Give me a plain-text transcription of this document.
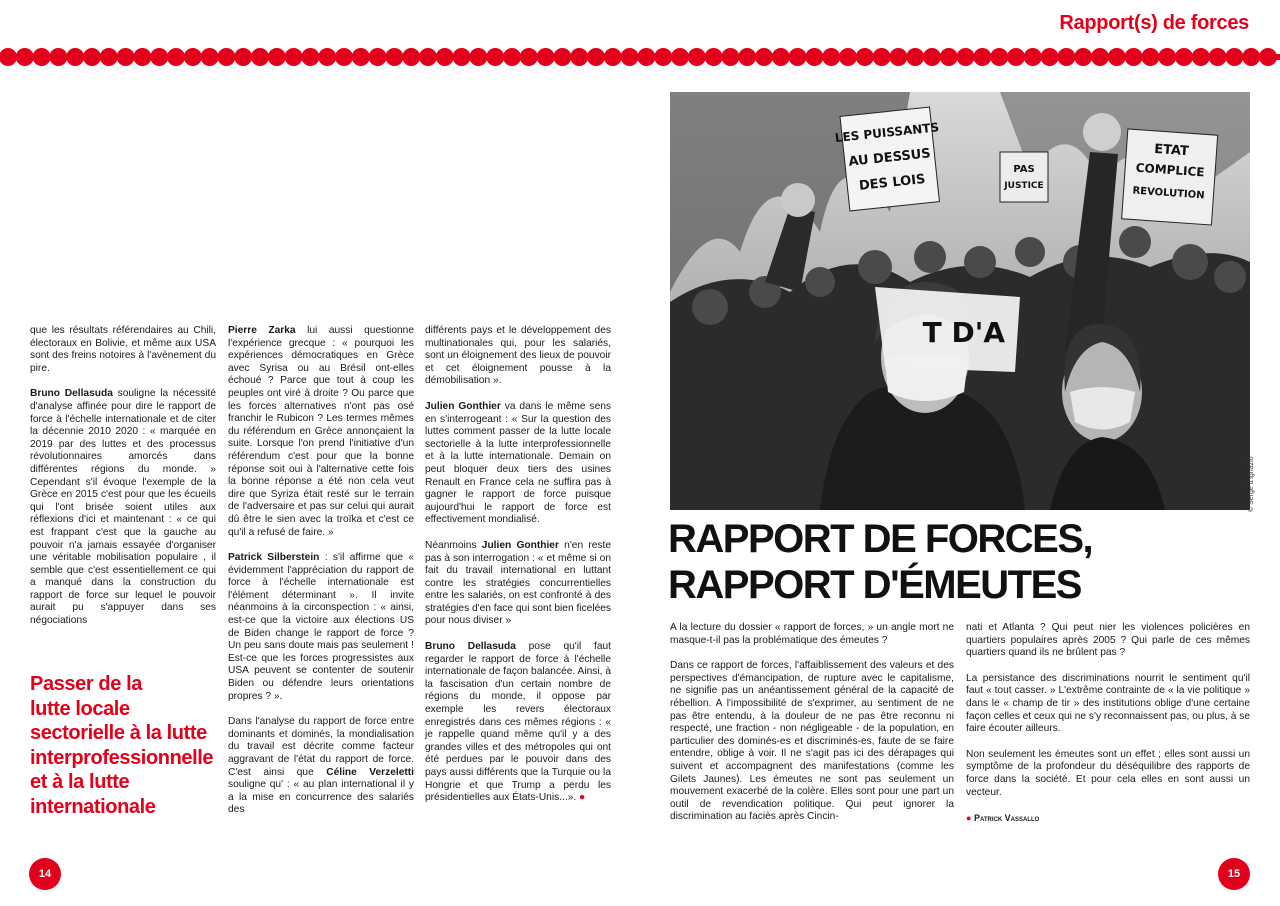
Rapport(s) de forces

que les résultats référendaires au Chili, électoraux en Bolivie, et même aux USA sont des freins notoires à l'avènement du pire.

Bruno Dellasuda souligne la nécessité d'analyse affinée pour dire le rapport de force à l'échelle internationale et de citer la décennie 2010 2020 : « marquée en 2019 par des luttes et des processus révolutionnaires amorcés dans différentes régions du monde. » Cependant s'il évoque l'exemple de la Grèce en 2015 c'est pour que les écueils qui l'ont brisée soient utiles aux réflexions d'ici et maintenant : « ce qui est frappant c'est que la gauche au pouvoir n'a jamais essayée d'organiser une véritable mobilisation populaire , il semble que c'est essentiellement ce qui a manqué dans la construction du rapport de force sur lequel le pouvoir aurait pu s'appuyer dans ses négociations

Pierre Zarka lui aussi questionne l'expérience grecque : « pourquoi les expériences démocratiques en Grèce avec Syrisa ou au Brésil ont-elles échoué ? Parce que tout à coup les peuples ont viré à droite ? Ou parce que les forces alternatives n'ont pas osé franchir le Rubicon ? Les termes mêmes du référendum en Grèce annonçaient la suite. Lorsque l'on prend l'initiative d'un référendum c'est pour que la bonne réponse soit oui à l'alternative cette fois la bonne réponse a été non cela veut dire que Syriza était resté sur le terrain de l'adversaire et pas sur celui qui aurait dû être le sien avec la troïka et c'est ce qu'il a refusé de faire. »

Patrick Silberstein : s'il affirme que « évidemment l'appréciation du rapport de force à l'échelle internationale est l'élément déterminant ». Il invite néanmoins à la circonspection : « ainsi, est-ce que la victoire aux élections US de Biden change le rapport de force ? Un peu sans doute mais pas seulement ! Est-ce que les forces progressistes aux USA peuvent se contenter de soutenir Biden ou défendre leurs orientations propres ? ».

Dans l'analyse du rapport de force entre dominants et dominés, la mondialisation du travail est décrite comme facteur aggravant de l'état du rapport de force. C'est ainsi que Céline Verzeletti souligne qu' : « au plan international il y a la mise en concurrence des salariés des

différents pays et le développement des multinationales qui, pour les salariés, sont un éloignement des lieux de pouvoir et cet éloignement pousse à la démobilisation ».

Julien Gonthier va dans le même sens en s'interrogeant : « Sur la question des luttes comment passer de la lutte locale sectorielle à la lutte interprofessionnelle et à la lutte internationale. Demain on peut bloquer deux tiers des usines Renault en France cela ne suffira pas à gagner le rapport de force puisque aujourd'hui le rapport de force est effectivement mondialisé.

Néanmoins Julien Gonthier n'en reste pas à son interrogation : « et même si on fait du travail international en luttant contre les stratégies concurrentielles entre les salariés, on est confronté à des stratégies d'en face qui sont bien ficelées pour nous diviser »

Bruno Dellasuda pose qu'il faut regarder le rapport de force à l'échelle internationale de façon balancée. Ainsi, à la fascisation d'un certain nombre de régions du monde, il oppose par exemple les revers électoraux enregistrés dans ces mêmes régions : « je rappelle quand même qu'il y a des grandes villes et des métropoles qui ont été perdues par le pouvoir dans des pays aussi différents que la Turquie ou la Hongrie et que Trump a perdu les présidentielles aux États-Unis...». ●

Passer de la
lutte locale
sectorielle à la lutte
interprofessionnelle
et à la lutte
internationale
14
LES PUISSANTS
AU DESSUS
DES LOIS
ETAT
COMPLICE
REVOLUTION
PAS
JUSTICE
T D'A
© Serge d'Ignazio
RAPPORT DE FORCES,
RAPPORT D'ÉMEUTES

A la lecture du dossier « rapport de forces, » un angle mort ne masque-t-il pas la problématique des émeutes ?

Dans ce rapport de forces, l'affaiblissement des valeurs et des perspectives d'émancipation, de rupture avec le capitalisme, ne signifie pas un anéantissement général de la capacité de rébellion. A l'impossibilité de s'exprimer, au sentiment de ne pas être entendu, à la douleur de ne pas être reconnu ni respecté, une fraction - non négligeable - de la population, en particulier des dominés-es et discriminés-es, faute de se faire entendre, oblige à voir. Il ne s'agit pas ici des dérapages qui suivent et accompagnent des manifestations (comme les Gilets Jaunes). Les émeutes ne sont pas seulement un mouvement exacerbé de la colère. Elles sont pour une part un outil de revendication politique. Qui peut ignorer la discrimination au faciès après Cincin-

nati et Atlanta ? Qui peut nier les violences policières en quartiers populaires après 2005 ? Qui parle de ces mêmes quartiers quand ils ne brûlent pas ?

La persistance des discriminations nourrit le sentiment qu'il faut « tout casser. » L'extrême contrainte de « la vie politique » dans le « champ de tir » des institutions oblige d'une certaine façon celles et ceux qui ne s'y reconnaissent pas, ou plus, à se faire écouter ailleurs.

Non seulement les émeutes sont un effet ; elles sont aussi un symptôme de la profondeur du déséquilibre des rapports de force dans la société. Et pour cela elles en sont aussi un vecteur.

● Patrick Vassallo
15
